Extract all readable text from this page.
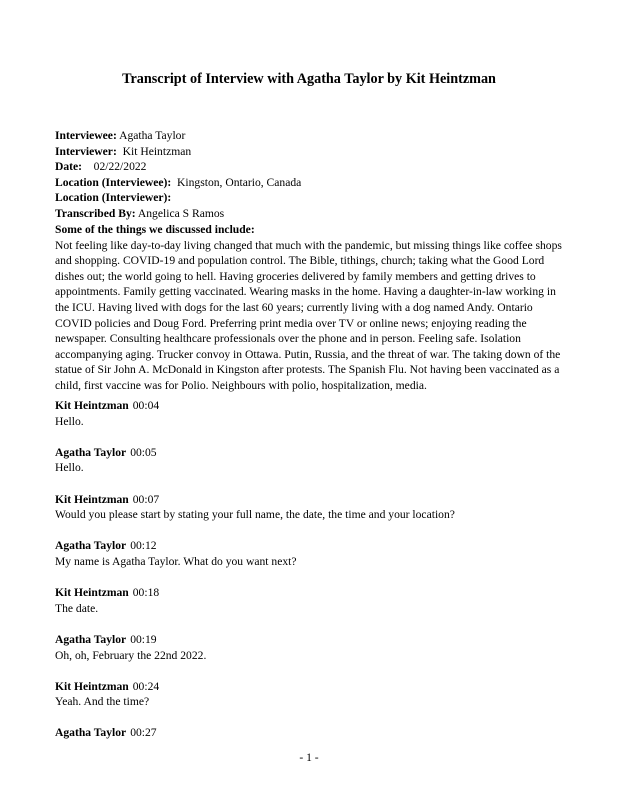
Transcript of Interview with Agatha Taylor by Kit Heintzman
Interviewee: Agatha Taylor
Interviewer: Kit Heintzman
Date: 02/22/2022
Location (Interviewee): Kingston, Ontario, Canada
Location (Interviewer):
Transcribed By: Angelica S Ramos
Some of the things we discussed include:

Not feeling like day-to-day living changed that much with the pandemic, but missing things like coffee shops and shopping. COVID-19 and population control. The Bible, tithings, church; taking what the Good Lord dishes out; the world going to hell. Having groceries delivered by family members and getting drives to appointments. Family getting vaccinated. Wearing masks in the home. Having a daughter-in-law working in the ICU. Having lived with dogs for the last 60 years; currently living with a dog named Andy. Ontario COVID policies and Doug Ford. Preferring print media over TV or online news; enjoying reading the newspaper. Consulting healthcare professionals over the phone and in person. Feeling safe. Isolation accompanying aging. Trucker convoy in Ottawa. Putin, Russia, and the threat of war. The taking down of the statue of Sir John A. McDonald in Kingston after protests. The Spanish Flu. Not having been vaccinated as a child, first vaccine was for Polio. Neighbours with polio, hospitalization, media.

Kit Heintzman 00:04
Hello.
Agatha Taylor 00:05
Hello.
Kit Heintzman 00:07
Would you please start by stating your full name, the date, the time and your location?
Agatha Taylor 00:12
My name is Agatha Taylor. What do you want next?
Kit Heintzman 00:18
The date.
Agatha Taylor 00:19
Oh, oh, February the 22nd 2022.
Kit Heintzman 00:24
Yeah. And the time?
Agatha Taylor 00:27
- 1 -
